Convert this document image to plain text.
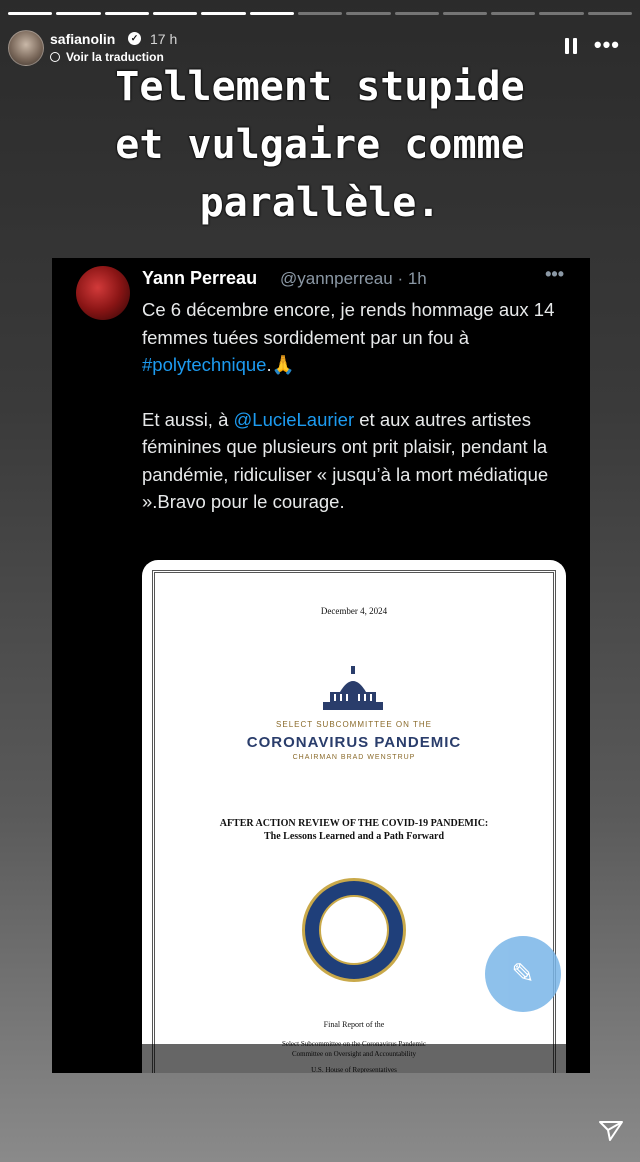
safianolin	✓ 17 h
Voir la traduction	•••
Tellement stupide
et vulgaire comme
parallèle.
Yann Perreau @yannperreau · 1h	•••

Ce 6 décembre encore, je rends hommage aux 14 femmes tuées sordidement par un fou à #polytechnique.🙏

Et aussi, à @LucieLaurier et aux autres artistes féminines que plusieurs ont prit plaisir, pendant la pandémie, ridiculiser « jusqu’à la mort médiatique ».Bravo pour le courage.

December 4, 2024
SELECT SUBCOMMITTEE ON THE
CORONAVIRUS PANDEMIC
CHAIRMAN BRAD WENSTRUP
AFTER ACTION REVIEW OF THE COVID-19 PANDEMIC:
The Lessons Learned and a Path Forward
Final Report of the
✎
